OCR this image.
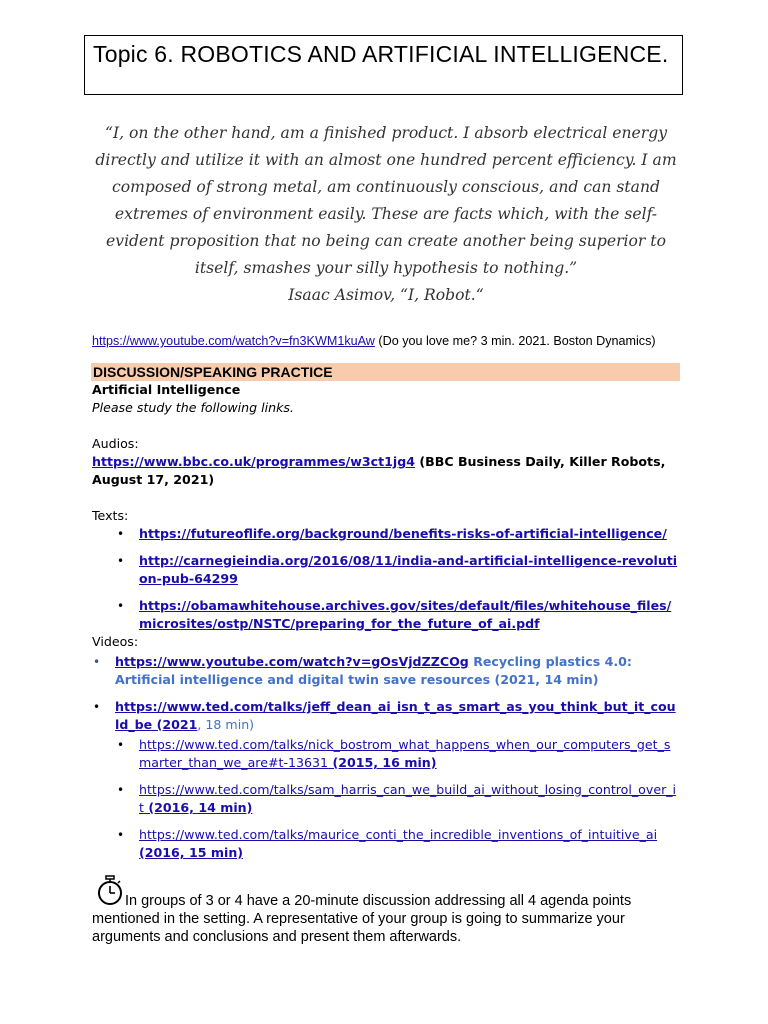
Topic 6. ROBOTICS AND ARTIFICIAL INTELLIGENCE.
“I, on the other hand, am a finished product. I absorb electrical energy directly and utilize it with an almost one hundred percent efficiency. I am composed of strong metal, am continuously conscious, and can stand extremes of environment easily. These are facts which, with the self-evident proposition that no being can create another being superior to itself, smashes your silly hypothesis to nothing.”
Isaac Asimov, “I, Robot.“
https://www.youtube.com/watch?v=fn3KWM1kuAw (Do you love me? 3 min. 2021. Boston Dynamics)
DISCUSSION/SPEAKING PRACTICE
Artificial Intelligence
Please study the following links.
Audios:
https://www.bbc.co.uk/programmes/w3ct1jg4 (BBC Business Daily, Killer Robots, August 17, 2021)
Texts:
• https://futureoflife.org/background/benefits-risks-of-artificial-intelligence/
• http://carnegieindia.org/2016/08/11/india-and-artificial-intelligence-revolution-pub-64299
• https://obamawhitehouse.archives.gov/sites/default/files/whitehouse_files/microsites/ostp/NSTC/preparing_for_the_future_of_ai.pdf
Videos:
• https://www.youtube.com/watch?v=gOsVjdZZCOg Recycling plastics 4.0: Artificial intelligence and digital twin save resources (2021, 14 min)
• https://www.ted.com/talks/jeff_dean_ai_isn_t_as_smart_as_you_think_but_it_could_be (2021, 18 min)
• https://www.ted.com/talks/nick_bostrom_what_happens_when_our_computers_get_smarter_than_we_are#t-13631 (2015, 16 min)
• https://www.ted.com/talks/sam_harris_can_we_build_ai_without_losing_control_over_it (2016, 14 min)
• https://www.ted.com/talks/maurice_conti_the_incredible_inventions_of_intuitive_ai (2016, 15 min)
In groups of 3 or 4 have a 20-minute discussion addressing all 4 agenda points mentioned in the setting. A representative of your group is going to summarize your arguments and conclusions and present them afterwards.
